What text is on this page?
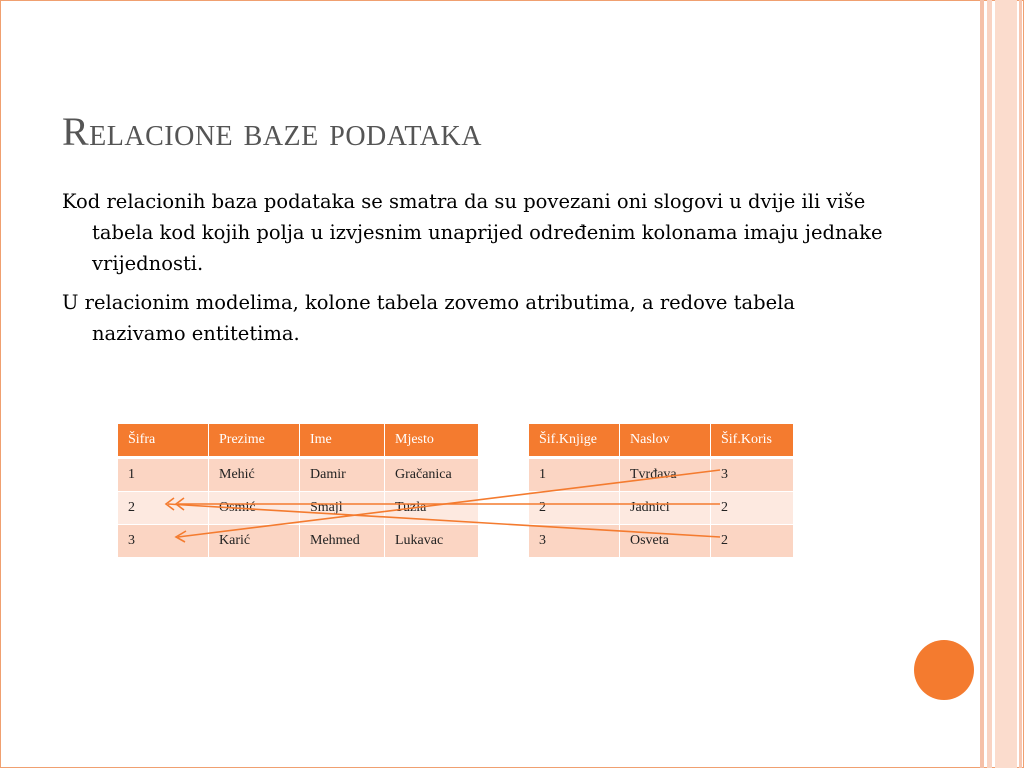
Relacione baze podataka

Kod relacionih baza podataka se smatra da su povezani oni slogovi u dvije ili više tabela kod kojih polja u izvjesnim unaprijed određenim kolonama imaju jednake vrijednosti.

U relacionim modelima, kolone tabela zovemo atributima, a redove tabela nazivamo entitetima.

Šifra	Prezime	Ime	Mjesto
1	Mehić	Damir	Gračanica
2	Osmić	Smajl	Tuzla
3	Karić	Mehmed	Lukavac
Šif.Knjige	Naslov	Šif.Koris
1	Tvrđava	3
2	Jadnici	2
3	Osveta	2
